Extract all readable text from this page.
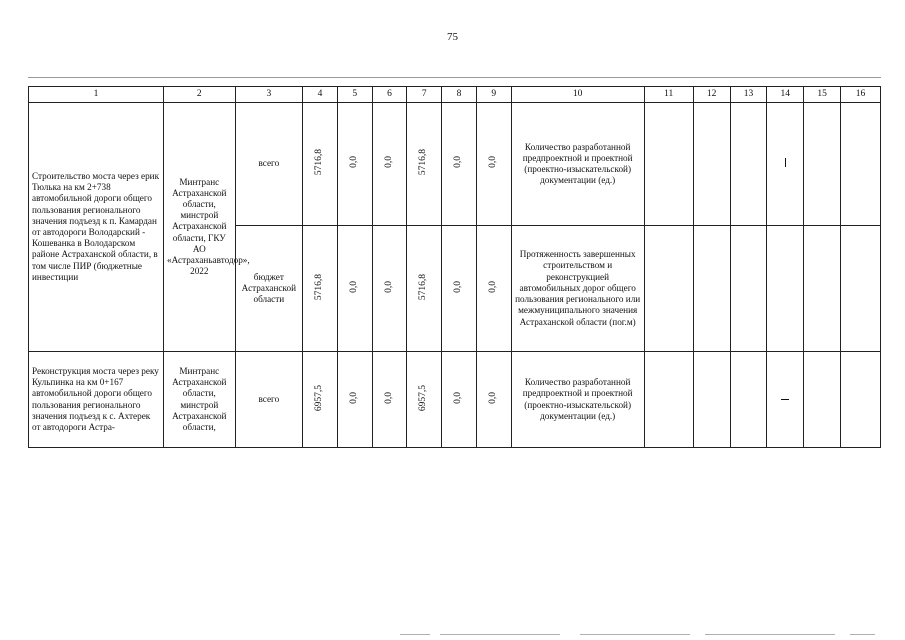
75
1	2	3	4	5	6	7	8	9	10	11	12	13	14	15	16
Строительство моста через ерик Тюлька на км 2+738 автомобильной дороги общего пользования регионального значения подъезд к п. Камардан от автодороги Володарский - Кошеванка в Володарском районе Астраханской области, в том числе ПИР (бюджетные инвестиции	Минтранс Астраханской области, минстрой Астраханской области, ГКУ АО «Астраханьавтодор», 2022	всего	5716,8	0,0	0,0	5716,8	0,0	0,0	Количество разработанной предпроектной и проектной (проектно-изыскательской) документации (ед.)						
		бюджет Астраханской области	5716,8	0,0	0,0	5716,8	0,0	0,0	Протяженность завершенных строительством и реконструкцией автомобильных дорог общего пользования регионального или межмуниципального значения Астраханской области (пог.м)						
Реконструкция моста через реку Кульпинка на км 0+167 автомобильной дороги общего пользования регионального значения подъезд к с. Ахтерек от автодороги Астра-	Минтранс Астраханской области, минстрой Астраханской области,	всего	6957,5	0,0	0,0	6957,5	0,0	0,0	Количество разработанной предпроектной и проектной (проектно-изыскательской) документации (ед.)						
